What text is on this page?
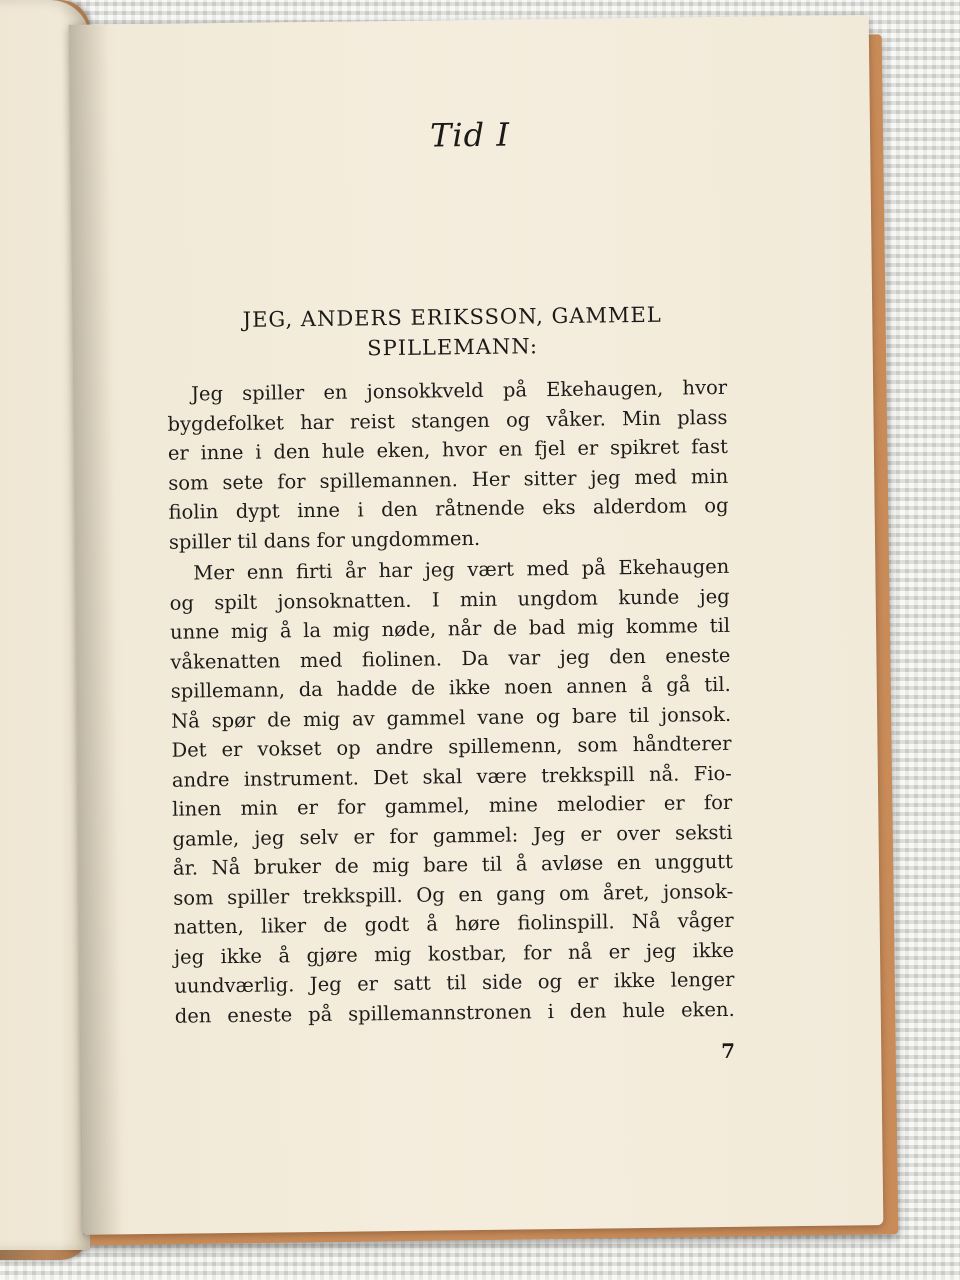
Tid I
JEG, ANDERS ERIKSSON, GAMMEL
SPILLEMANN:
Jeg spiller en jonsokkveld på Ekehaugen, hvor
bygdefolket har reist stangen og våker. Min plass
er inne i den hule eken, hvor en fjel er spikret fast
som sete for spillemannen. Her sitter jeg med min
fiolin dypt inne i den råtnende eks alderdom og
spiller til dans for ungdommen.
Mer enn firti år har jeg vært med på Ekehaugen
og spilt jonsoknatten. I min ungdom kunde jeg
unne mig å la mig nøde, når de bad mig komme til
våkenatten med fiolinen. Da var jeg den eneste
spillemann, da hadde de ikke noen annen å gå til.
Nå spør de mig av gammel vane og bare til jonsok.
Det er vokset op andre spillemenn, som håndterer
andre instrument. Det skal være trekkspill nå. Fio-
linen min er for gammel, mine melodier er for
gamle, jeg selv er for gammel: Jeg er over seksti
år. Nå bruker de mig bare til å avløse en unggutt
som spiller trekkspill. Og en gang om året, jonsok-
natten, liker de godt å høre fiolinspill. Nå våger
jeg ikke å gjøre mig kostbar, for nå er jeg ikke
uundværlig. Jeg er satt til side og er ikke lenger
den eneste på spillemannstronen i den hule eken.
7
